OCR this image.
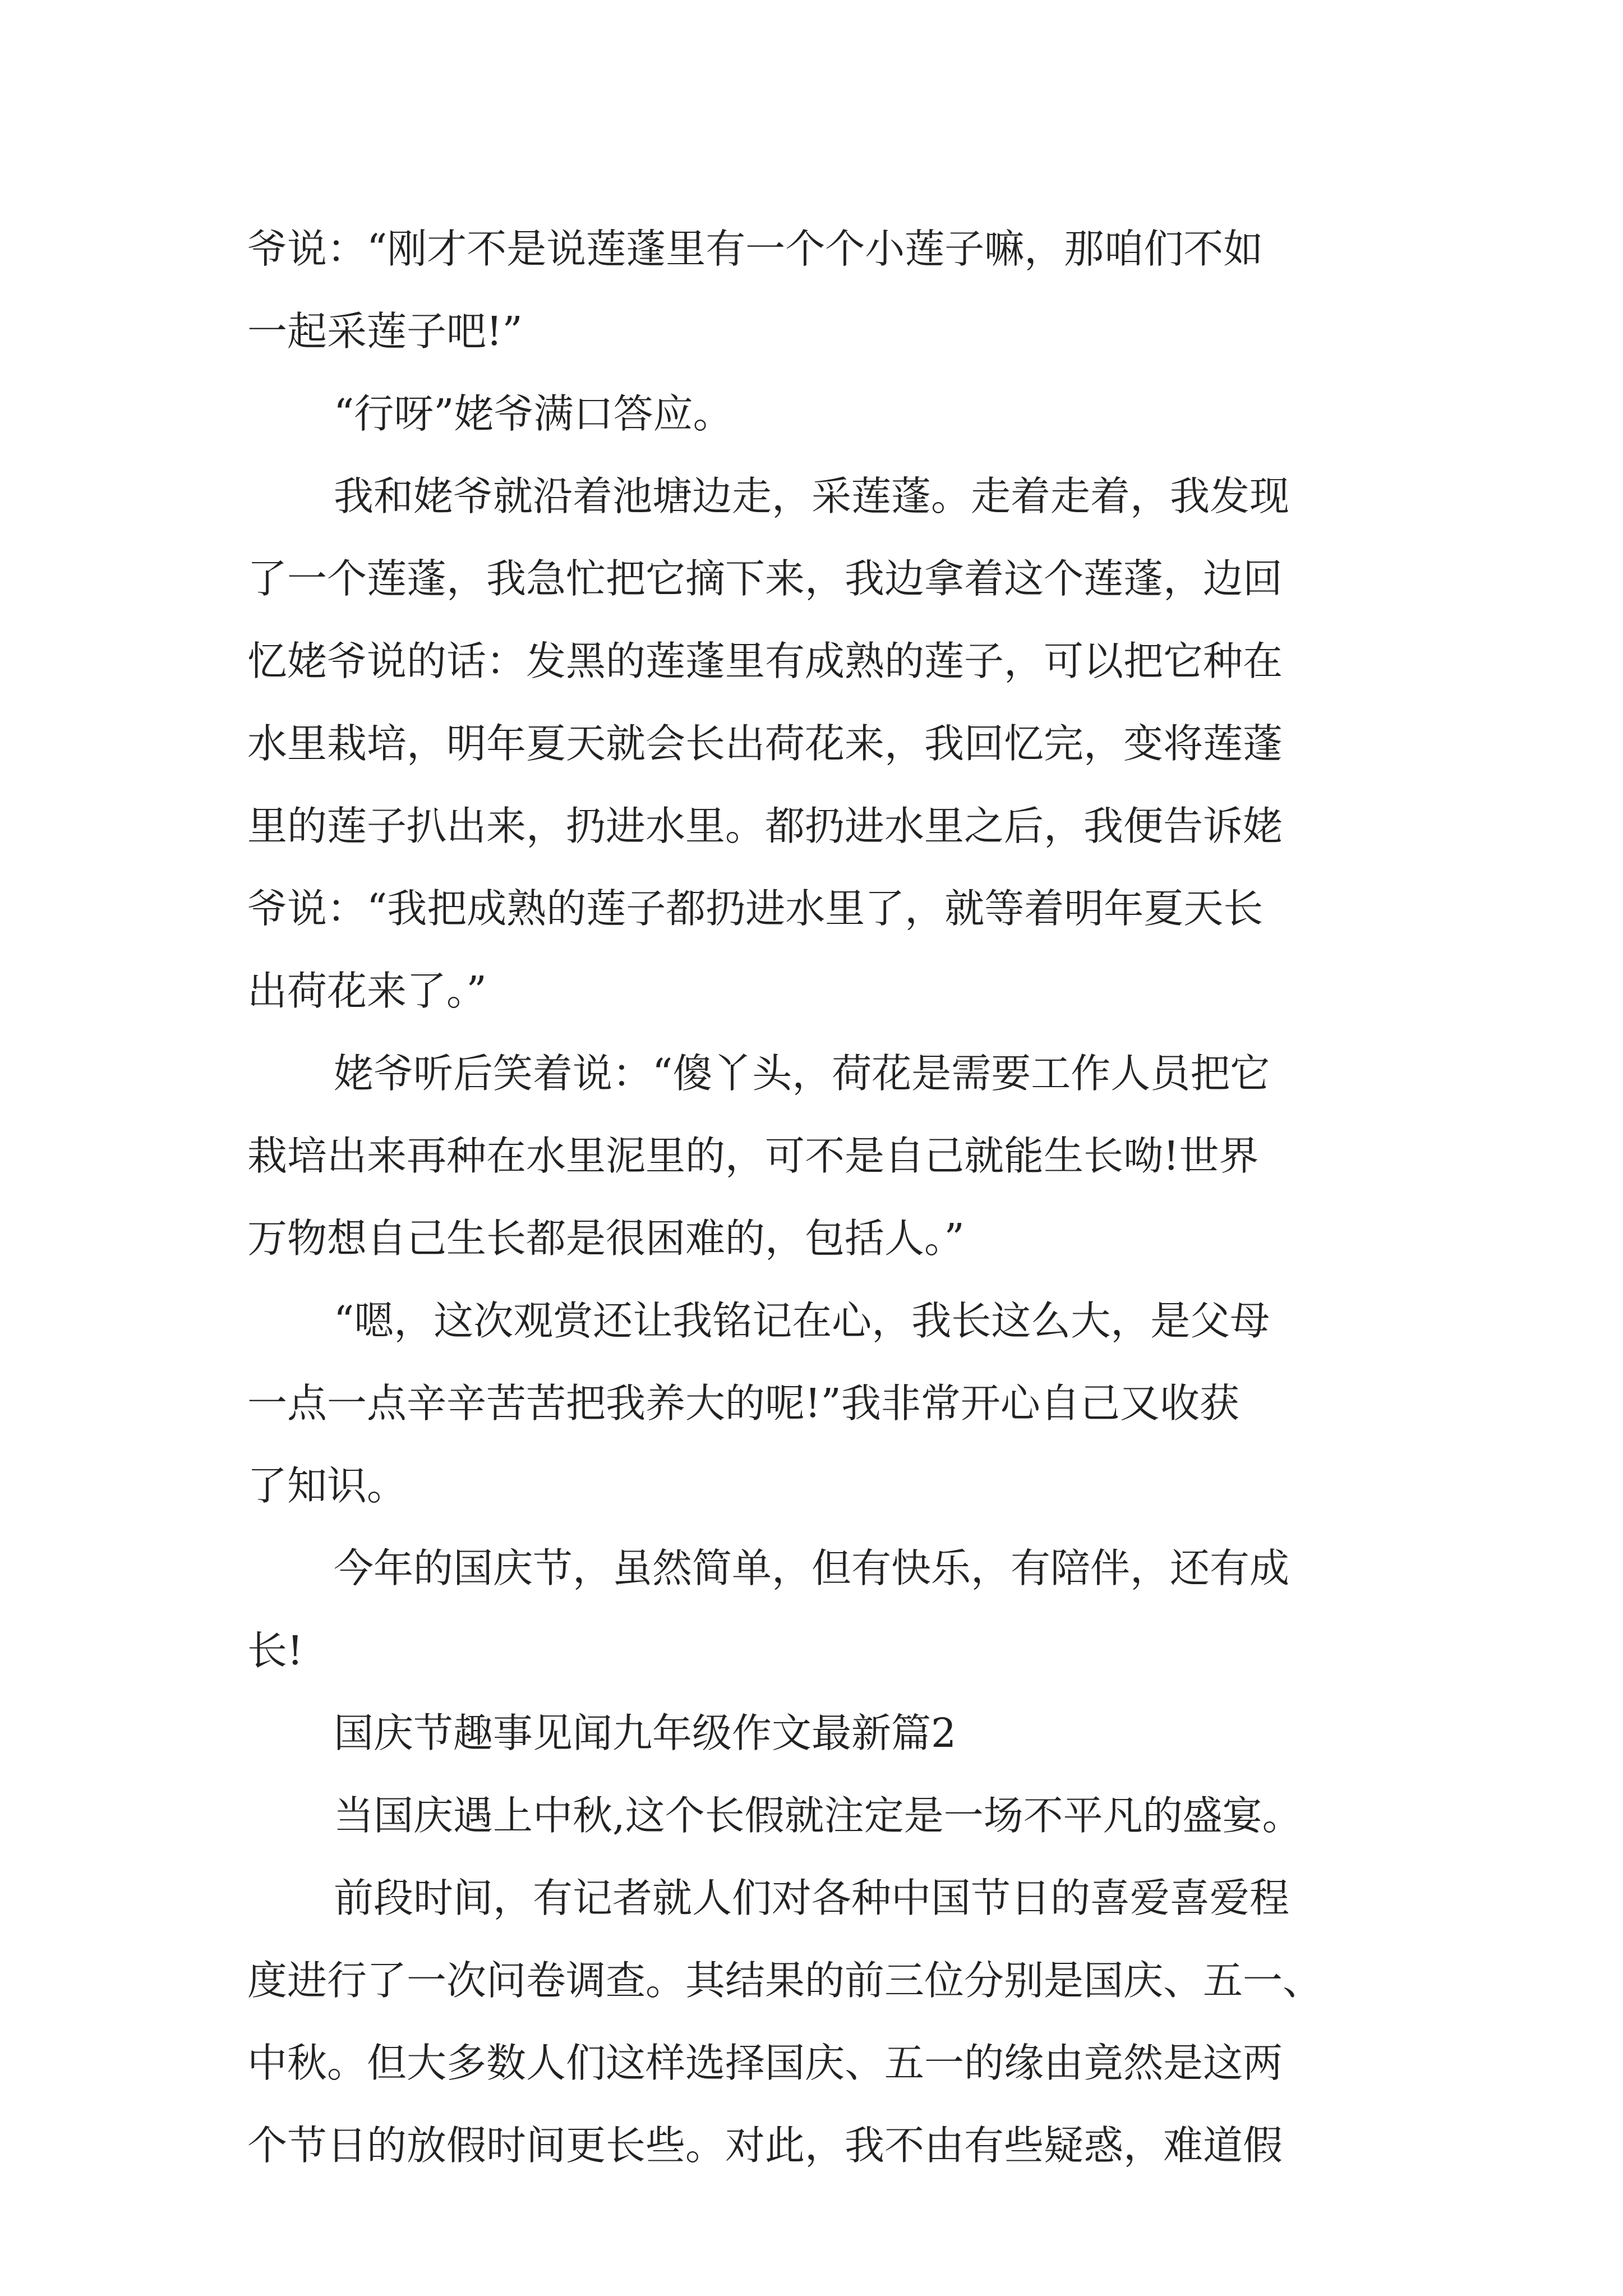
爷说：“刚才不是说莲蓬里有一个个小莲子嘛，那咱们不如
一起采莲子吧!”
“行呀”姥爷满口答应。
我和姥爷就沿着池塘边走，采莲蓬。走着走着，我发现
了一个莲蓬，我急忙把它摘下来，我边拿着这个莲蓬，边回
忆姥爷说的话：发黑的莲蓬里有成熟的莲子，可以把它种在
水里栽培，明年夏天就会长出荷花来，我回忆完，变将莲蓬
里的莲子扒出来，扔进水里。都扔进水里之后，我便告诉姥
爷说：“我把成熟的莲子都扔进水里了，就等着明年夏天长
出荷花来了。”
姥爷听后笑着说：“傻丫头，荷花是需要工作人员把它
栽培出来再种在水里泥里的，可不是自己就能生长呦!世界
万物想自己生长都是很困难的，包括人。”
“嗯，这次观赏还让我铭记在心，我长这么大，是父母
一点一点辛辛苦苦把我养大的呢!”我非常开心自己又收获
了知识。
今年的国庆节，虽然简单，但有快乐，有陪伴，还有成
长!
国庆节趣事见闻九年级作文最新篇2
当国庆遇上中秋,这个长假就注定是一场不平凡的盛宴。
前段时间，有记者就人们对各种中国节日的喜爱喜爱程
度进行了一次问卷调查。其结果的前三位分别是国庆、五一、
中秋。但大多数人们这样选择国庆、五一的缘由竟然是这两
个节日的放假时间更长些。对此，我不由有些疑惑，难道假
